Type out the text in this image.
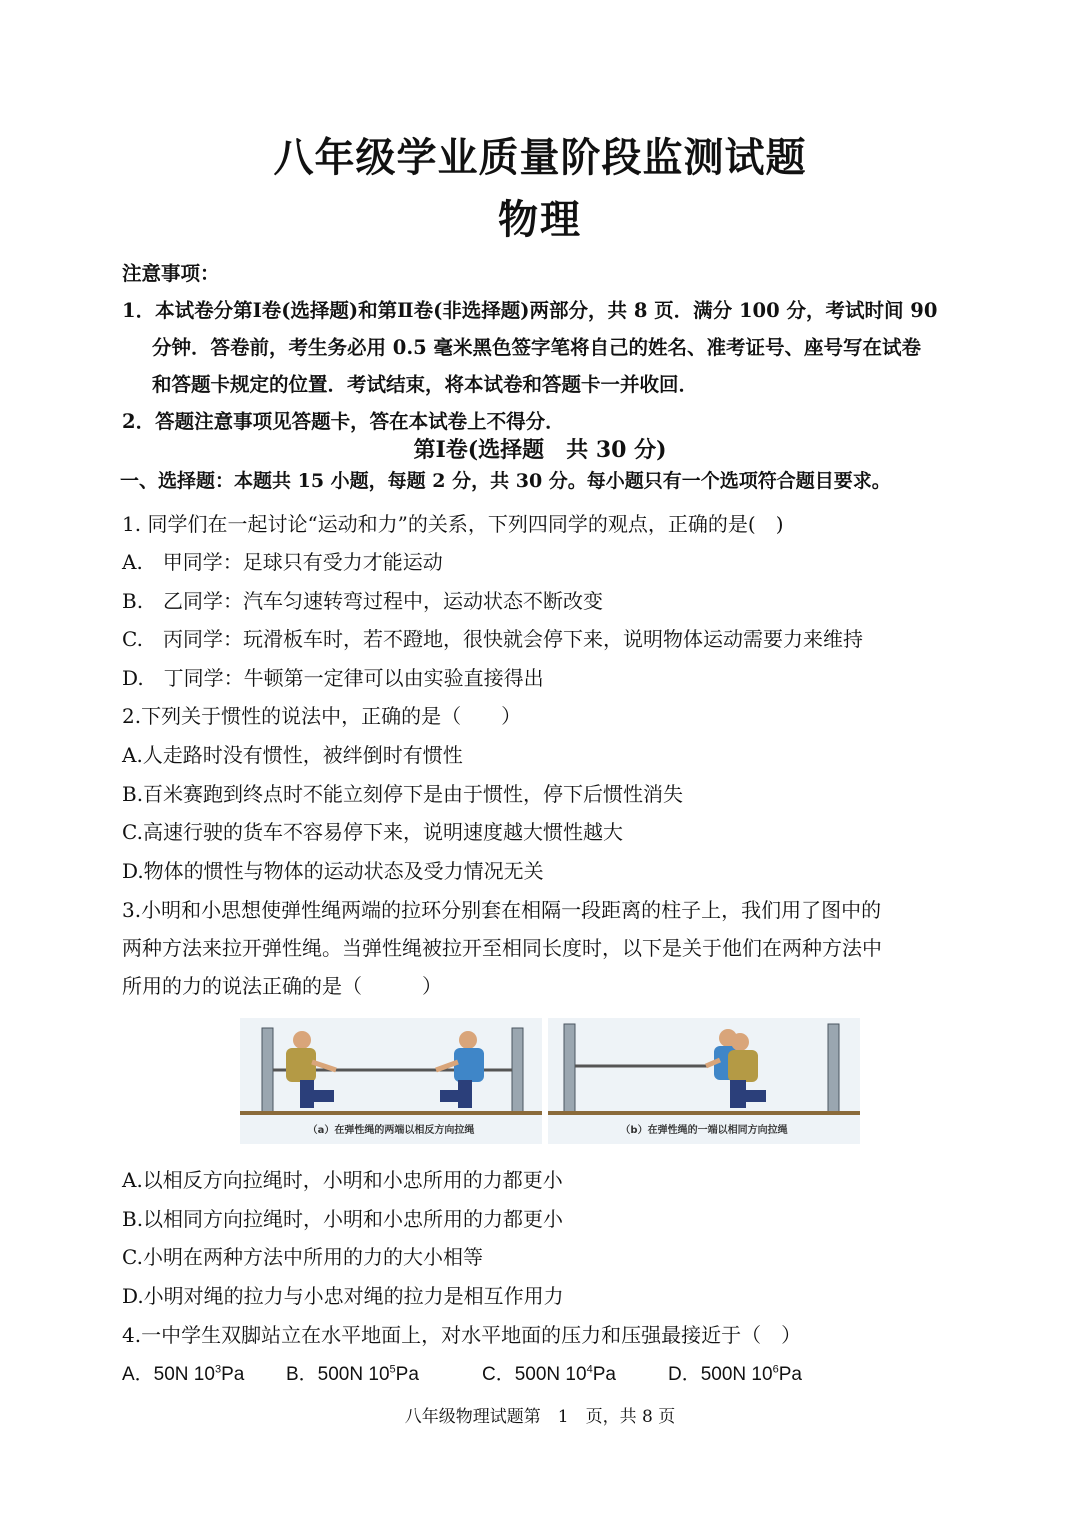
八年级学业质量阶段监测试题
物理
注意事项：
1．本试卷分第Ⅰ卷(选择题)和第Ⅱ卷(非选择题)两部分，共 8 页．满分 100 分，考试时间 90
分钟．答卷前，考生务必用 0.5 毫米黑色签字笔将自己的姓名、准考证号、座号写在试卷
和答题卡规定的位置．考试结束，将本试卷和答题卡一并收回．
2．答题注意事项见答题卡，答在本试卷上不得分．
第Ⅰ卷(选择题　共 30 分)
一、选择题：本题共 15 小题，每题 2 分，共 30 分。每小题只有一个选项符合题目要求。
1. 同学们在一起讨论“运动和力”的关系，下列四同学的观点，正确的是(　)
A.　甲同学：足球只有受力才能运动
B.　乙同学：汽车匀速转弯过程中，运动状态不断改变
C.　丙同学：玩滑板车时，若不蹬地，很快就会停下来，说明物体运动需要力来维持
D.　丁同学：牛顿第一定律可以由实验直接得出
2.下列关于惯性的说法中，正确的是（　　）
A.人走路时没有惯性，被绊倒时有惯性
B.百米赛跑到终点时不能立刻停下是由于惯性，停下后惯性消失
C.高速行驶的货车不容易停下来，说明速度越大惯性越大
D.物体的惯性与物体的运动状态及受力情况无关
3.小明和小思想使弹性绳两端的拉环分别套在相隔一段距离的柱子上，我们用了图中的
两种方法来拉开弹性绳。当弹性绳被拉开至相同长度时，以下是关于他们在两种方法中
所用的力的说法正确的是（　　　）
（a）在弹性绳的两端以相反方向拉绳	（b）在弹性绳的一端以相同方向拉绳
A.以相反方向拉绳时，小明和小忠所用的力都更小
B.以相同方向拉绳时，小明和小忠所用的力都更小
C.小明在两种方法中所用的力的大小相等
D.小明对绳的拉力与小忠对绳的拉力是相互作用力
4.一中学生双脚站立在水平地面上，对水平地面的压力和压强最接近于（　）
A．50N $10^3Pa$ B．500N $10^5Pa$	C．500N $10^4Pa$	D．500N $10^6Pa$
八年级物理试题第　1　页，共 8 页
